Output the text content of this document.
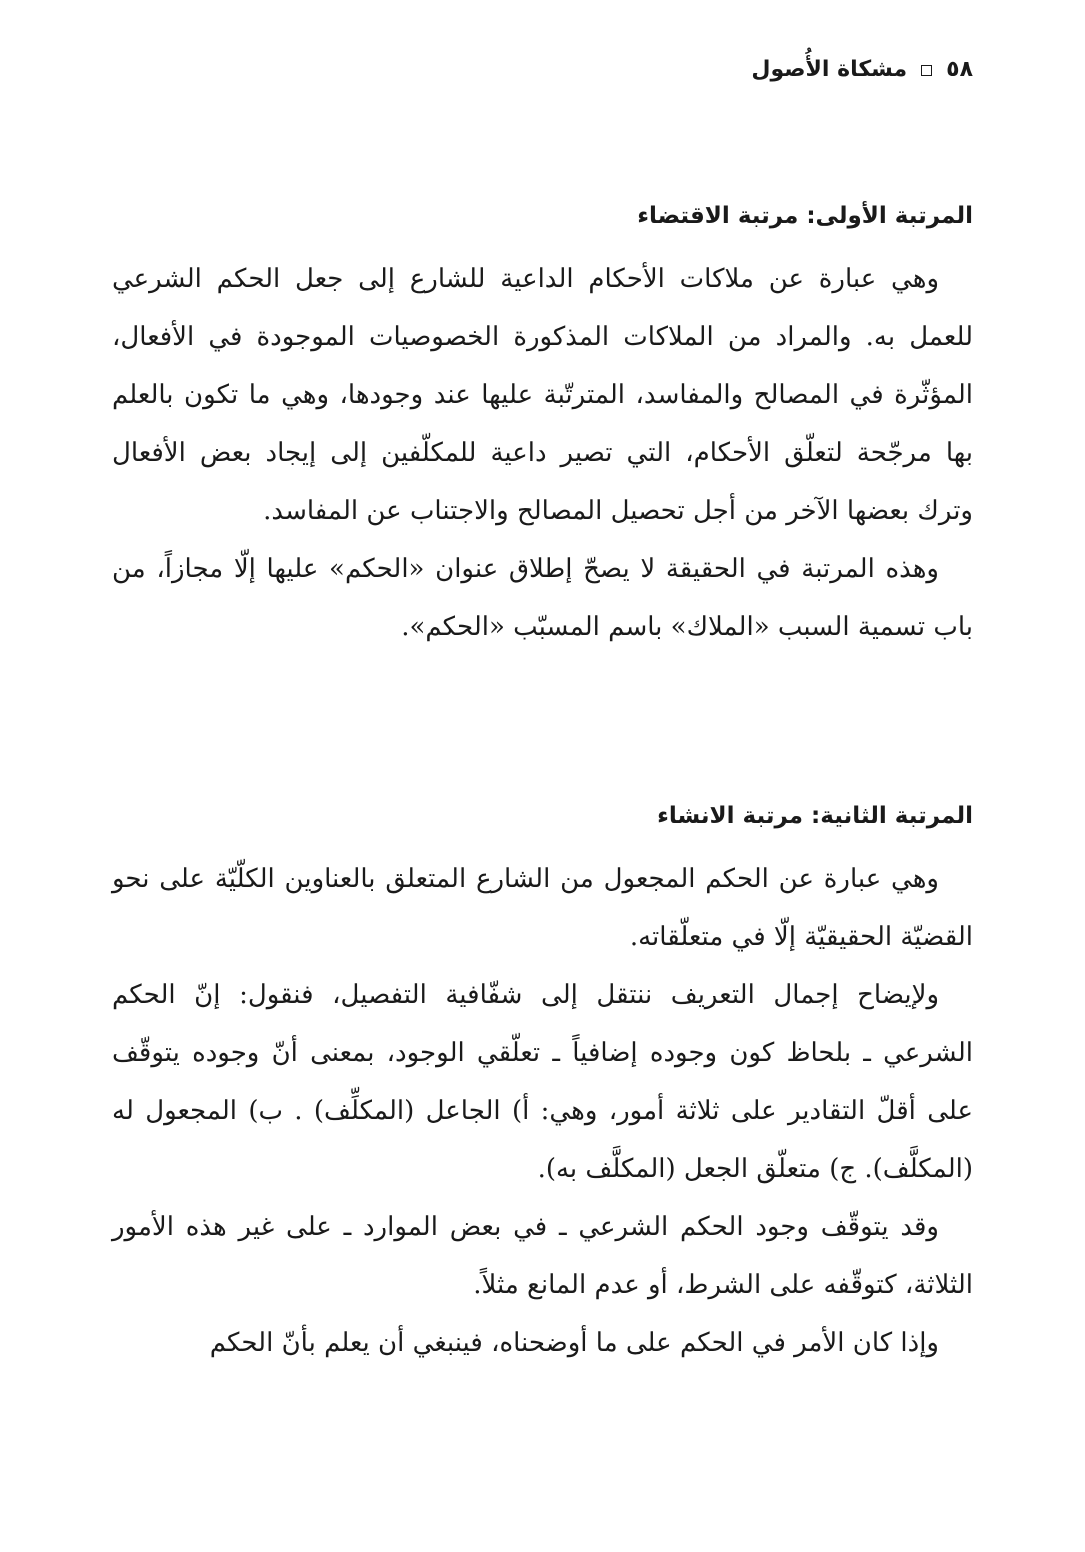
٥٨
مشكاة الأُصول
المرتبة الأولى: مرتبة الاقتضاء

وهي عبارة عن ملاكات الأحكام الداعية للشارع إلى جعل الحكم الشرعي للعمل به. والمراد من الملاكات المذكورة الخصوصيات الموجودة في الأفعال، المؤثّرة في المصالح والمفاسد، المترتّبة عليها عند وجودها، وهي ما تكون بالعلم بها مرجّحة لتعلّق الأحكام، التي تصير داعية للمكلّفين إلى إيجاد بعض الأفعال وترك بعضها الآخر من أجل تحصيل المصالح والاجتناب عن المفاسد.

وهذه المرتبة في الحقيقة لا يصحّ إطلاق عنوان «الحكم» عليها إلّا مجازاً، من باب تسمية السبب «الملاك» باسم المسبّب «الحكم».

المرتبة الثانية: مرتبة الانشاء

وهي عبارة عن الحكم المجعول من الشارع المتعلق بالعناوين الكلّيّة على نحو القضيّة الحقيقيّة إلّا في متعلّقاته.

ولإيضاح إجمال التعريف ننتقل إلى شفّافية التفصيل، فنقول: إنّ الحكم الشرعي ـ بلحاظ كون وجوده إضافياً ـ تعلّقي الوجود، بمعنى أنّ وجوده يتوقّف على أقلّ التقادير على ثلاثة أمور، وهي: أ) الجاعل (المكلِّف) . ب) المجعول له (المكلَّف). ج) متعلّق الجعل (المكلَّف به).

وقد يتوقّف وجود الحكم الشرعي ـ في بعض الموارد ـ على غير هذه الأمور الثلاثة، كتوقّفه على الشرط، أو عدم المانع مثلاً.

وإذا كان الأمر في الحكم على ما أوضحناه، فينبغي أن يعلم بأنّ الحكم
